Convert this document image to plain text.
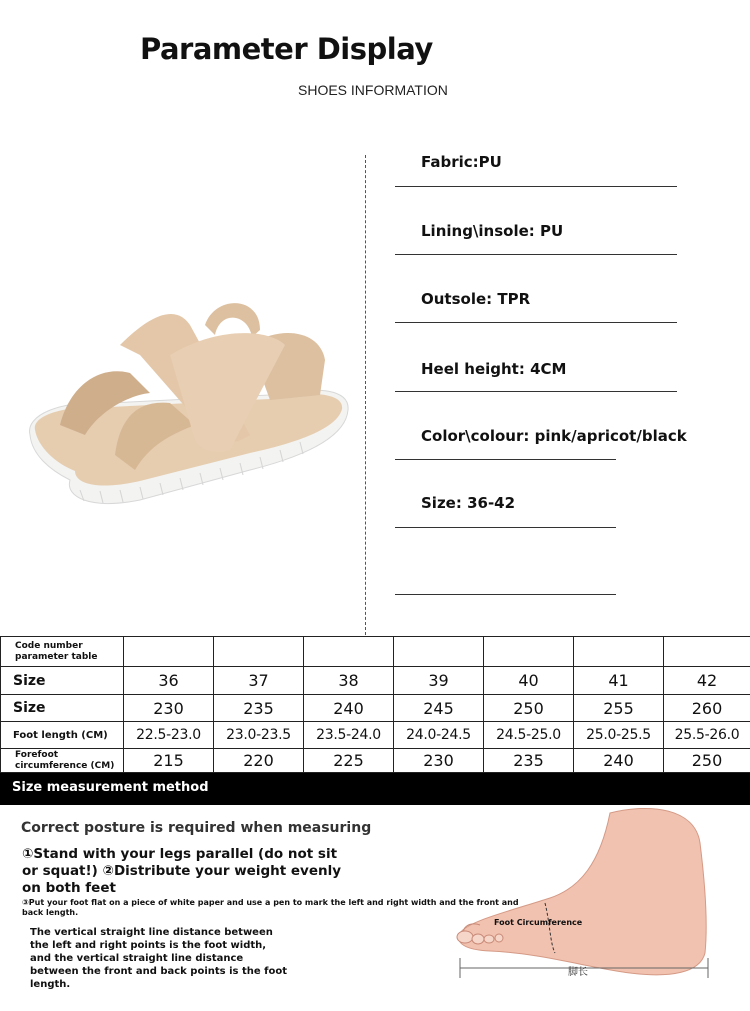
Parameter Display
SHOES INFORMATION
Fabric:PU
Lining\insole: PU
Outsole: TPR
Heel height: 4CM
Color\colour: pink/apricot/black
Size: 36-42
Code number parameter table							
Size	36	37	38	39	40	41	42
Size	230	235	240	245	250	255	260
Foot length (CM)	22.5-23.0	23.0-23.5	23.5-24.0	24.0-24.5	24.5-25.0	25.0-25.5	25.5-26.0
Forefoot circumference (CM)	215	220	225	230	235	240	250
Size measurement method
Correct posture is required when measuring
①Stand with your legs parallel (do not sit or squat!) ②Distribute your weight evenly on both feet
③Put your foot flat on a piece of white paper and use a pen to mark the left and right width and the front and back length.
The vertical straight line distance between the left and right points is the foot width, and the vertical straight line distance between the front and back points is the foot length.
Foot Circumference
脚长
